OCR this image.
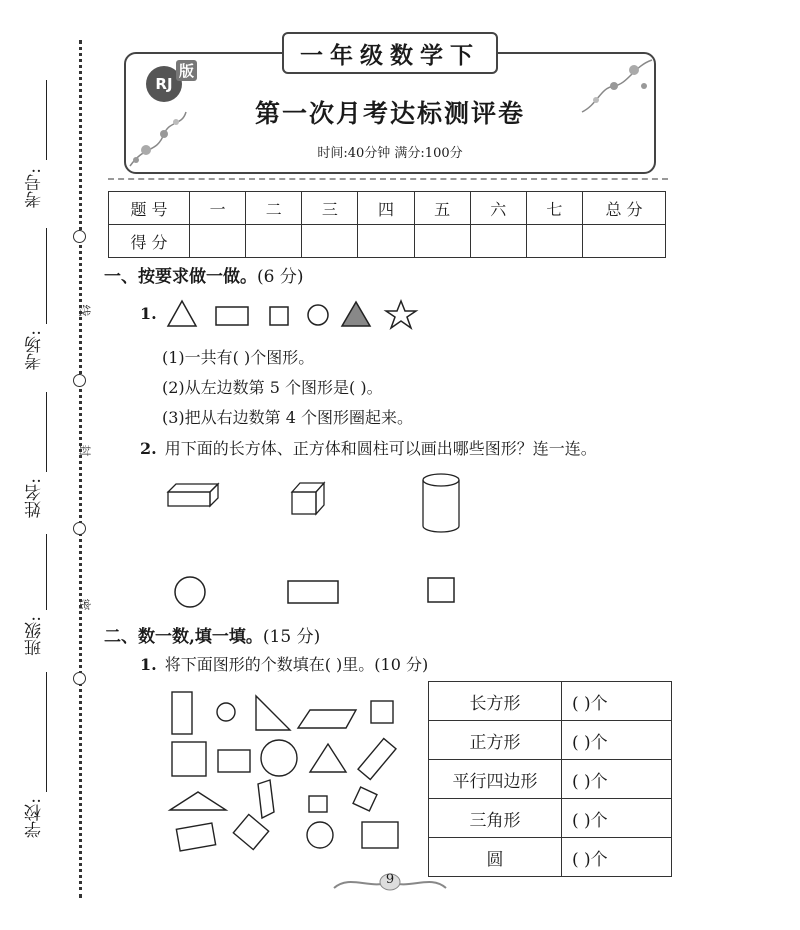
考号:
考场:
姓名:
班级:
学校:
线
封
密
第一次月考达标测评卷
时间:40分钟 满分:100分
一年级数学下
RJ
版
题 号	一	二	三	四	五	六	七	总 分
得 分								
一、按要求做一做。(6 分)
1.
(1)一共有( )个图形。
(2)从左边数第 5 个图形是( )。
(3)把从右边数第 4 个图形圈起来。
2. 用下面的长方体、正方体和圆柱可以画出哪些图形？连一连。
二、数一数,填一填。(15 分)
1. 将下面图形的个数填在( )里。(10 分)
长方形	( )个
正方形	( )个
平行四边形	( )个
三角形	( )个
圆	( )个
9
